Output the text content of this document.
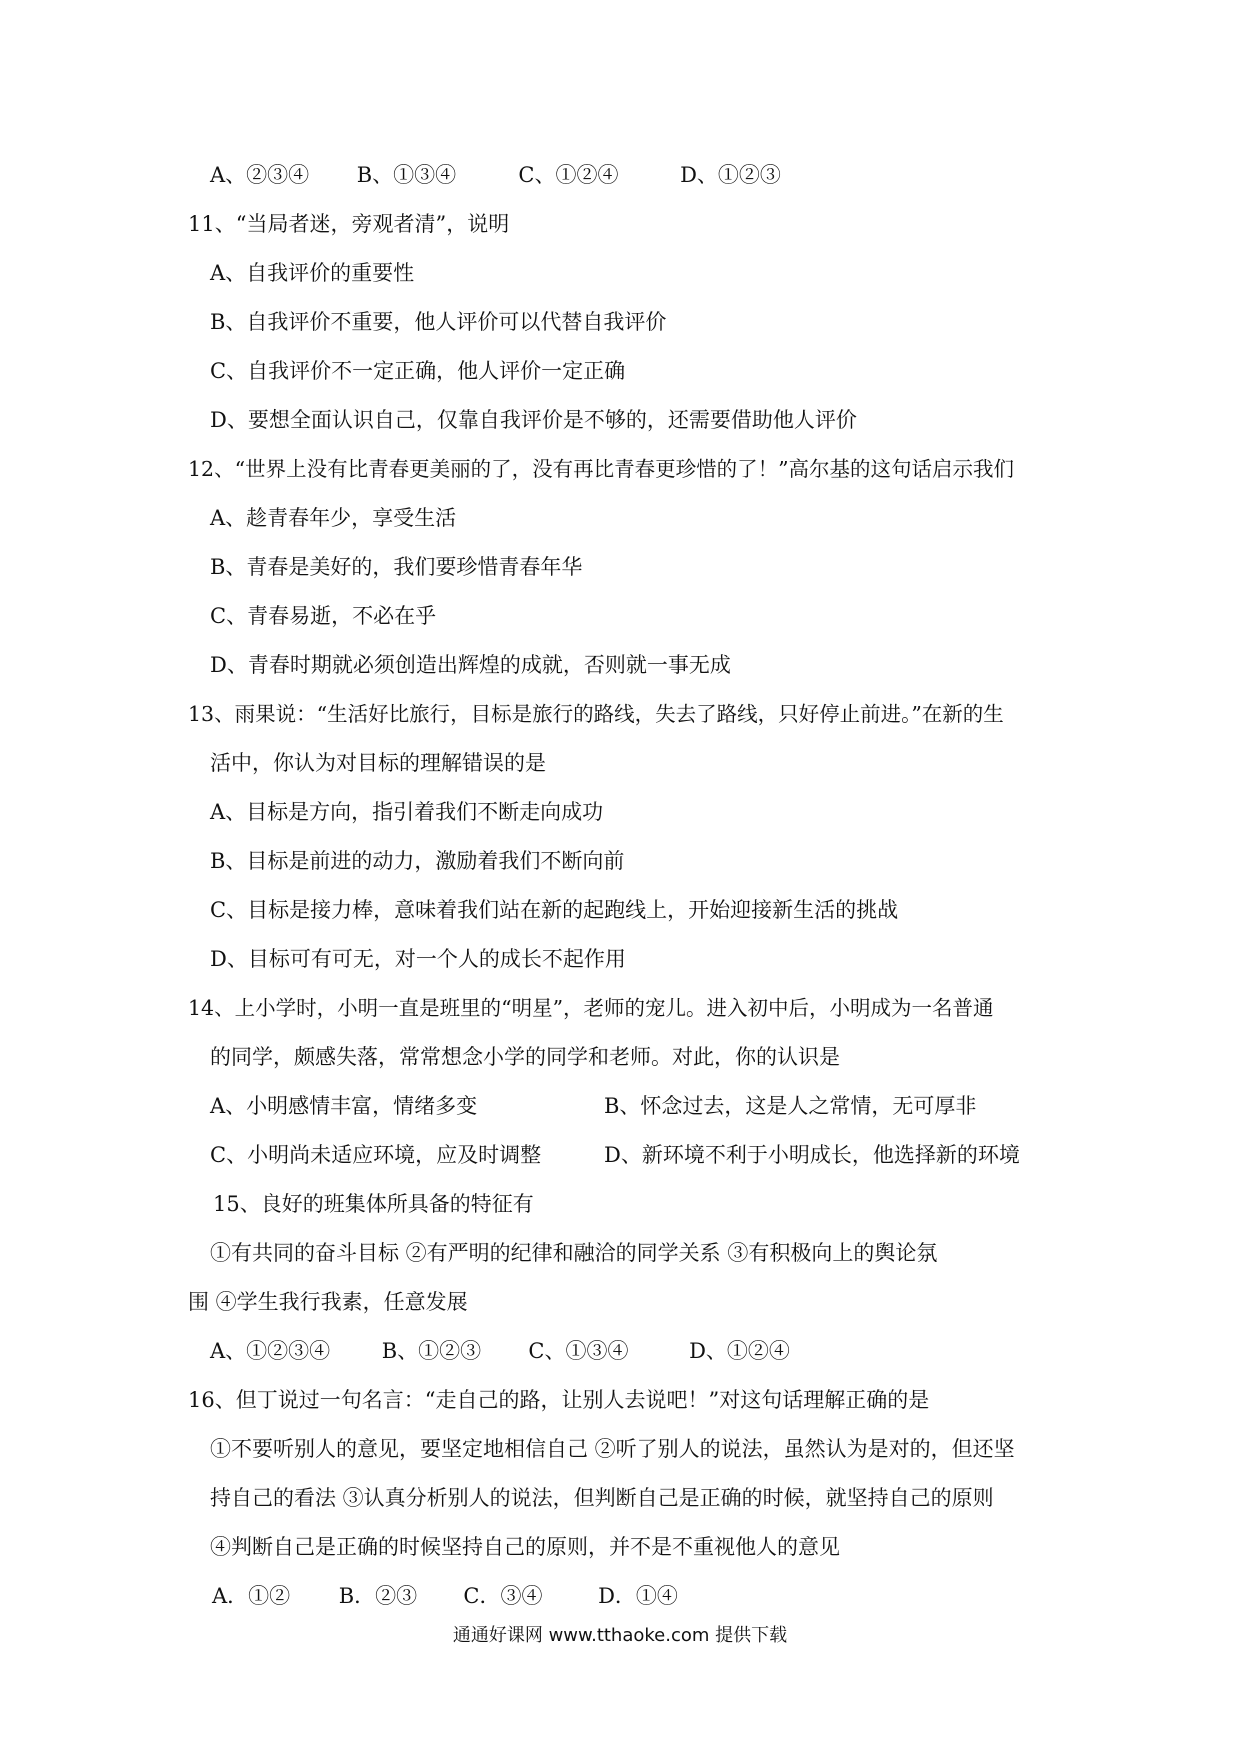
A、②③④ B、①③④	C、①②④	D、①②③
11、“当局者迷，旁观者清”，说明
A、自我评价的重要性
B、自我评价不重要，他人评价可以代替自我评价
C、自我评价不一定正确，他人评价一定正确
D、要想全面认识自己，仅靠自我评价是不够的，还需要借助他人评价
12、“世界上没有比青春更美丽的了，没有再比青春更珍惜的了！”高尔基的这句话启示我们
A、趁青春年少，享受生活
B、青春是美好的，我们要珍惜青春年华
C、青春易逝，不必在乎
D、青春时期就必须创造出辉煌的成就，否则就一事无成
13、雨果说：“生活好比旅行，目标是旅行的路线，失去了路线，只好停止前进。”在新的生
活中，你认为对目标的理解错误的是
A、目标是方向，指引着我们不断走向成功
B、目标是前进的动力，激励着我们不断向前
C、目标是接力棒，意味着我们站在新的起跑线上，开始迎接新生活的挑战
D、目标可有可无，对一个人的成长不起作用
14、上小学时，小明一直是班里的“明星”，老师的宠儿。进入初中后，小明成为一名普通
的同学，颇感失落，常常想念小学的同学和老师。对此，你的认识是
A、小明感情丰富，情绪多变	B、怀念过去，这是人之常情，无可厚非
C、小明尚未适应环境，应及时调整	D、新环境不利于小明成长，他选择新的环境
15、良好的班集体所具备的特征有
①有共同的奋斗目标 ②有严明的纪律和融洽的同学关系 ③有积极向上的舆论氛
围 ④学生我行我素，任意发展
A、①②③④ B、①②③ C、①③④	D、①②④
16、但丁说过一句名言：“走自己的路，让别人去说吧！”对这句话理解正确的是
①不要听别人的意见，要坚定地相信自己 ②听了别人的说法，虽然认为是对的，但还坚
持自己的看法 ③认真分析别人的说法，但判断自己是正确的时候，就坚持自己的原则
④判断自己是正确的时候坚持自己的原则，并不是不重视他人的意见
A．①② B．②③ C．③④	D．①④
通通好课网 www.tthaoke.com 提供下载
